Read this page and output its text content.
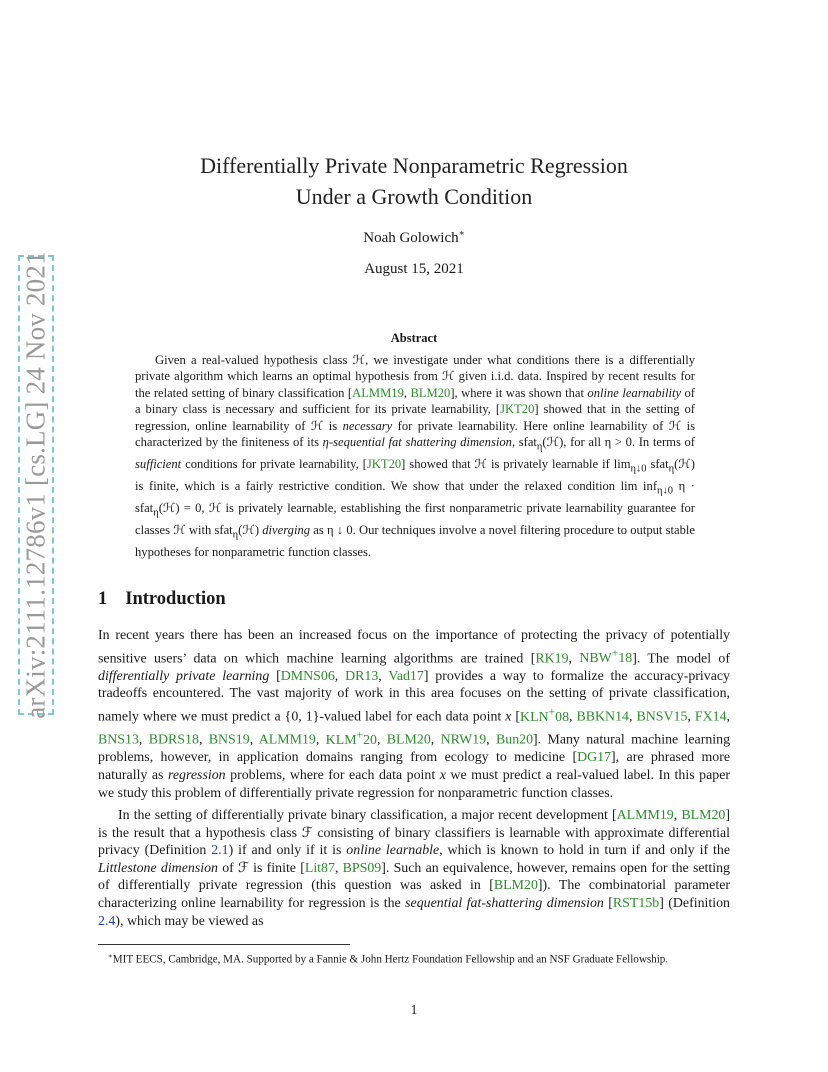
arXiv:2111.12786v1 [cs.LG] 24 Nov 2021
Differentially Private Nonparametric Regression
Under a Growth Condition
Noah Golowich∗
August 15, 2021
Abstract

Given a real-valued hypothesis class ℋ, we investigate under what conditions there is a differentially private algorithm which learns an optimal hypothesis from ℋ given i.i.d. data. Inspired by recent results for the related setting of binary classification [ALMM19, BLM20], where it was shown that online learnability of a binary class is necessary and sufficient for its private learnability, [JKT20] showed that in the setting of regression, online learnability of ℋ is necessary for private learnability. Here online learnability of ℋ is characterized by the finiteness of its η-sequential fat shattering dimension, sfat$_\eta$(ℋ), for all η > 0. In terms of sufficient conditions for private learnability, [JKT20] showed that ℋ is privately learnable if $\lim_{\eta↓0}$ sfat$_\eta$(ℋ) is finite, which is a fairly restrictive condition. We show that under the relaxed condition lim inf$_{\eta↓0}$ η · sfat$_\eta$(ℋ) = 0, ℋ is privately learnable, establishing the first nonparametric private learnability guarantee for classes ℋ with sfat$_\eta$(ℋ) diverging as η ↓ 0. Our techniques involve a novel filtering procedure to output stable hypotheses for nonparametric function classes.

1 Introduction

In recent years there has been an increased focus on the importance of protecting the privacy of potentially sensitive users’ data on which machine learning algorithms are trained [RK19, NBW+18]. The model of differentially private learning [DMNS06, DR13, Vad17] provides a way to formalize the accuracy-privacy tradeoffs encountered. The vast majority of work in this area focuses on the setting of private classification, namely where we must predict a {0, 1}-valued label for each data point x [KLN+08, BBKN14, BNSV15, FX14, BNS13, BDRS18, BNS19, ALMM19, KLM+20, BLM20, NRW19, Bun20]. Many natural machine learning problems, however, in application domains ranging from ecology to medicine [DG17], are phrased more naturally as regression problems, where for each data point x we must predict a real-valued label. In this paper we study this problem of differentially private regression for nonparametric function classes.

In the setting of differentially private binary classification, a major recent development [ALMM19, BLM20] is the result that a hypothesis class ℱ consisting of binary classifiers is learnable with approximate differential privacy (Definition 2.1) if and only if it is online learnable, which is known to hold in turn if and only if the Littlestone dimension of ℱ is finite [Lit87, BPS09]. Such an equivalence, however, remains open for the setting of differentially private regression (this question was asked in [BLM20]). The combinatorial parameter characterizing online learnability for regression is the sequential fat-shattering dimension [RST15b] (Definition 2.4), which may be viewed as

∗MIT EECS, Cambridge, MA. Supported by a Fannie & John Hertz Foundation Fellowship and an NSF Graduate Fellowship.

1
